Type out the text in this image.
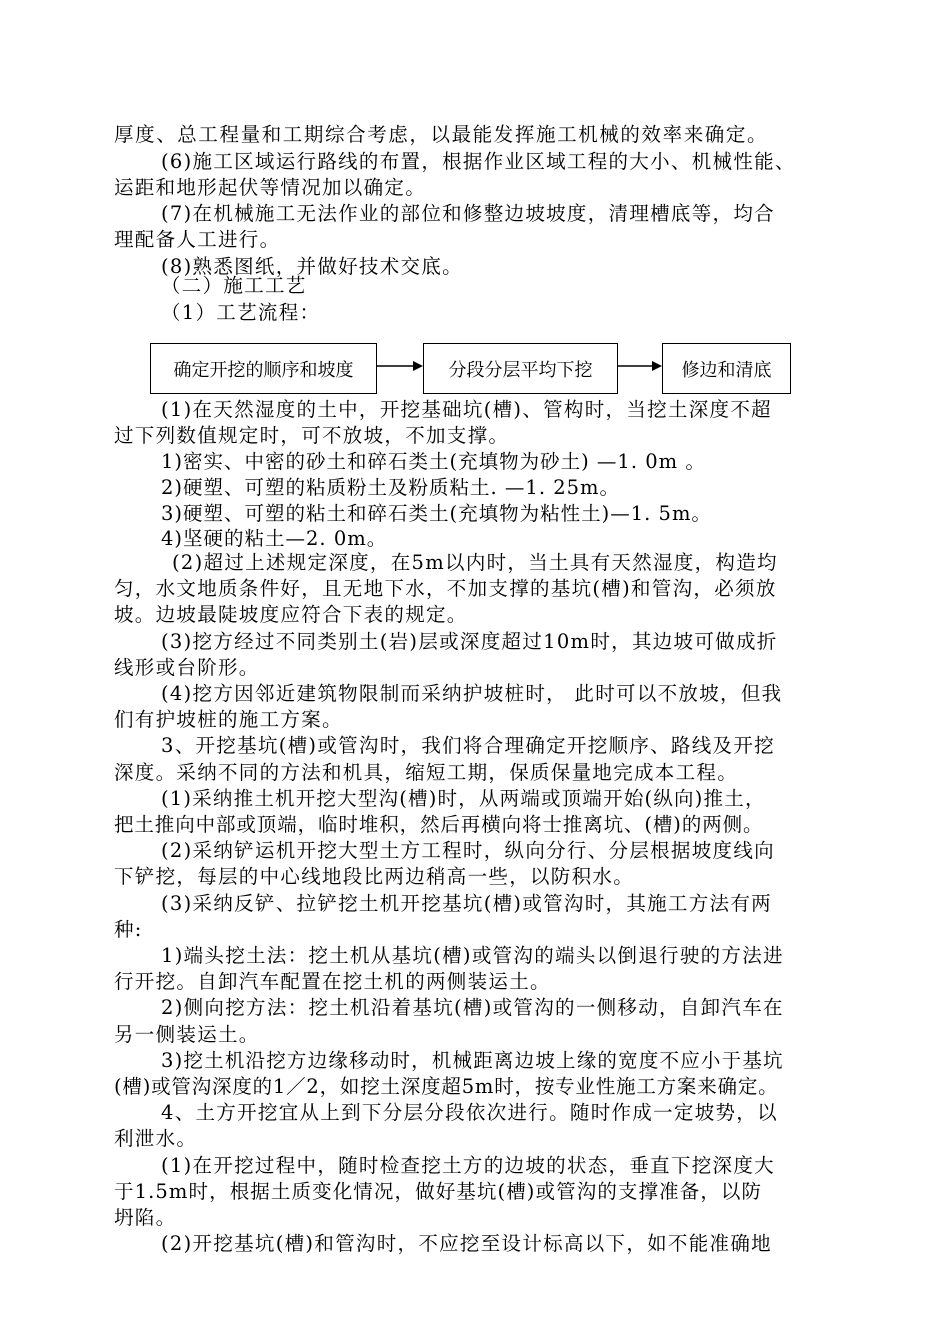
厚度、总工程量和工期综合考虑，以最能发挥施工机械的效率来确定。
(6)施工区域运行路线的布置，根据作业区域工程的大小、机械性能、
运距和地形起伏等情况加以确定。
(7)在机械施工无法作业的部位和修整边坡坡度，清理槽底等，均合
理配备人工进行。
(8)熟悉图纸，并做好技术交底。
（二）施工工艺
（1）工艺流程：
确定开挖的顺序和坡度	分段分层平均下挖	修边和清底
(1)在天然湿度的土中，开挖基础坑(槽)、管构时，当挖土深度不超
过下列数值规定时，可不放坡，不加支撑。
1)密实、中密的砂土和碎石类土(充填物为砂土) —1. 0m 。
2)硬塑、可塑的粘质粉土及粉质粘土. —1. 25m。
3)硬塑、可塑的粘土和碎石类土(充填物为粘性土)—1. 5m。
4)坚硬的粘土—2. 0m。
(2)超过上述规定深度，在5m以内时，当土具有天然湿度，构造均
匀，水文地质条件好，且无地下水，不加支撑的基坑(槽)和管沟，必须放
坡。边坡最陡坡度应符合下表的规定。
(3)挖方经过不同类别土(岩)层或深度超过10m时，其边坡可做成折
线形或台阶形。
(4)挖方因邻近建筑物限制而采纳护坡桩时， 此时可以不放坡，但我
们有护坡桩的施工方案。
3、开挖基坑(槽)或管沟时，我们将合理确定开挖顺序、路线及开挖
深度。采纳不同的方法和机具，缩短工期，保质保量地完成本工程。
(1)采纳推土机开挖大型沟(槽)时，从两端或顶端开始(纵向)推土，
把土推向中部或顶端，临时堆积，然后再横向将士推离坑、(槽)的两侧。
(2)采纳铲运机开挖大型土方工程时，纵向分行、分层根据坡度线向
下铲挖，每层的中心线地段比两边稍高一些，以防积水。
(3)采纳反铲、拉铲挖土机开挖基坑(槽)或管沟时，其施工方法有两
种:
1)端头挖土法：挖土机从基坑(槽)或管沟的端头以倒退行驶的方法进
行开挖。自卸汽车配置在挖土机的两侧装运土。
2)侧向挖方法：挖土机沿着基坑(槽)或管沟的一侧移动，自卸汽车在
另一侧装运土。
3)挖土机沿挖方边缘移动时，机械距离边坡上缘的宽度不应小于基坑
(槽)或管沟深度的1／2，如挖土深度超5m时，按专业性施工方案来确定。
4、土方开挖宜从上到下分层分段依次进行。随时作成一定坡势，以
利泄水。
(1)在开挖过程中，随时检查挖土方的边坡的状态，垂直下挖深度大
于1.5m时，根据土质变化情况，做好基坑(槽)或管沟的支撑准备，以防
坍陷。
(2)开挖基坑(槽)和管沟时，不应挖至设计标高以下，如不能准确地
